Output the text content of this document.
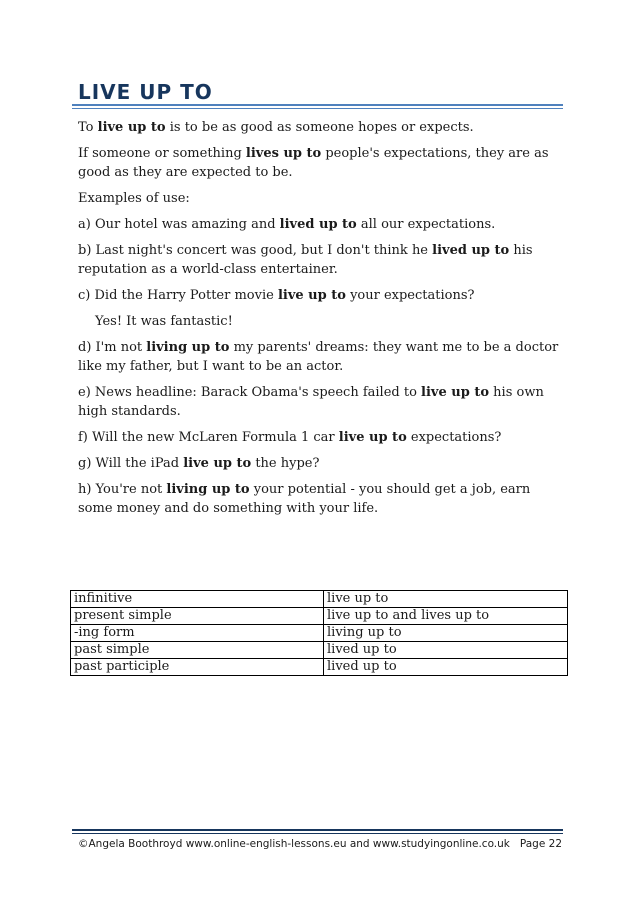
LIVE UP TO

To live up to is to be as good as someone hopes or expects.

If someone or something lives up to people's expectations, they are as good as they are expected to be.

Examples of use:

a) Our hotel was amazing and lived up to all our expectations.

b) Last night's concert was good, but I don't think he lived up to his reputation as a world-class entertainer.

c) Did the Harry Potter movie live up to your expectations?

Yes! It was fantastic!

d) I'm not living up to my parents' dreams: they want me to be a doctor like my father, but I want to be an actor.

e) News headline: Barack Obama's speech failed to live up to his own high standards.

f) Will the new McLaren Formula 1 car live up to expectations?

g) Will the iPad live up to the hype?

h) You're not living up to your potential - you should get a job, earn some money and do something with your life.

infinitive	live up to
present simple	live up to and lives up to
-ing form	living up to
past simple	lived up to
past participle	lived up to
©Angela Boothroyd www.online-english-lessons.eu and www.studyingonline.co.uk Page 22
